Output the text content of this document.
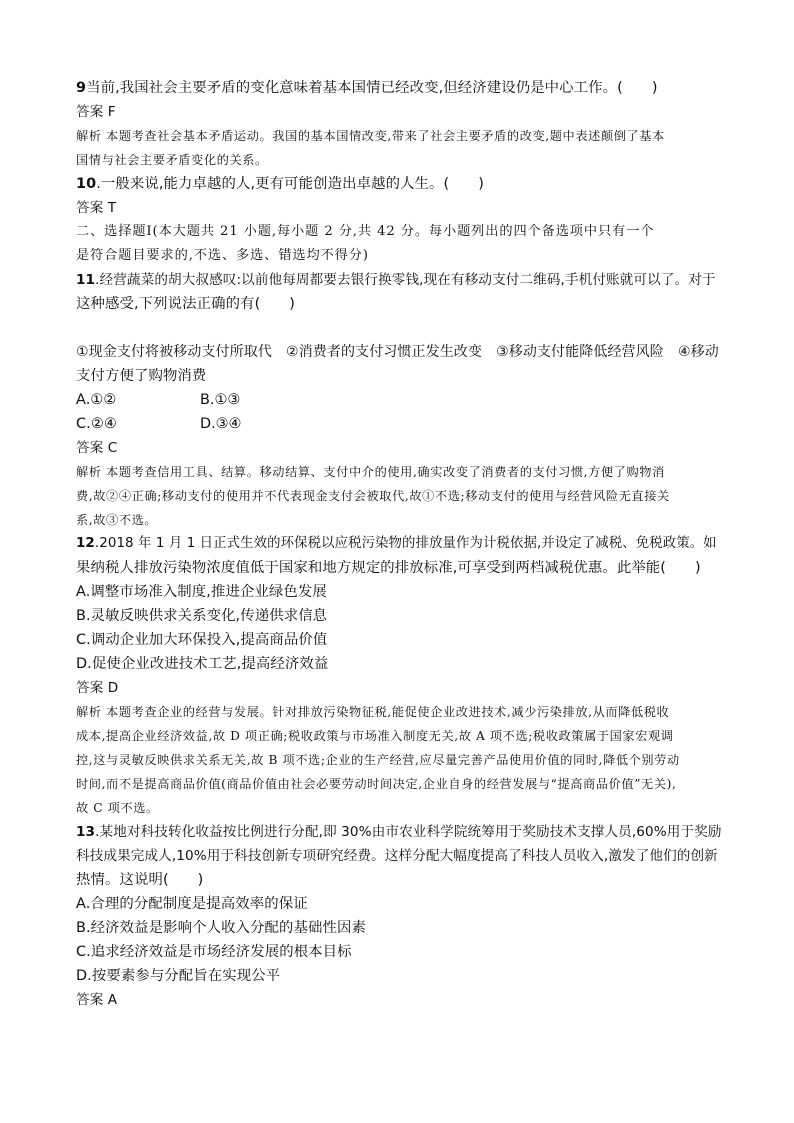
9当前,我国社会主要矛盾的变化意味着基本国情已经改变,但经济建设仍是中心工作。(　　)
答案 F
解析 本题考查社会基本矛盾运动。我国的基本国情改变,带来了社会主要矛盾的改变,题中表述颠倒了基本
国情与社会主要矛盾变化的关系。
10.一般来说,能力卓越的人,更有可能创造出卓越的人生。(　　)
答案 T
二、选择题Ⅰ(本大题共 21 小题,每小题 2 分,共 42 分。每小题列出的四个备选项中只有一个
是符合题目要求的,不选、多选、错选均不得分)
11.经营蔬菜的胡大叔感叹:以前他每周都要去银行换零钱,现在有移动支付二维码,手机付账就可以了。对于
这种感受,下列说法正确的有(　　)
①现金支付将被移动支付所取代　②消费者的支付习惯正发生改变　③移动支付能降低经营风险　④移动
支付方便了购物消费
A.①②	B.①③
C.②④	D.③④
答案 C
解析 本题考查信用工具、结算。移动结算、支付中介的使用,确实改变了消费者的支付习惯,方便了购物消
费,故②④正确;移动支付的使用并不代表现金支付会被取代,故①不选;移动支付的使用与经营风险无直接关
系,故③不选。
12.2018 年 1 月 1 日正式生效的环保税以应税污染物的排放量作为计税依据,并设定了减税、免税政策。如
果纳税人排放污染物浓度值低于国家和地方规定的排放标准,可享受到两档减税优惠。此举能(　　)
A.调整市场准入制度,推进企业绿色发展
B.灵敏反映供求关系变化,传递供求信息
C.调动企业加大环保投入,提高商品价值
D.促使企业改进技术工艺,提高经济效益
答案 D
解析 本题考查企业的经营与发展。针对排放污染物征税,能促使企业改进技术,减少污染排放,从而降低税收
成本,提高企业经济效益,故 D 项正确;税收政策与市场准入制度无关,故 A 项不选;税收政策属于国家宏观调
控,这与灵敏反映供求关系无关,故 B 项不选;企业的生产经营,应尽量完善产品使用价值的同时,降低个别劳动
时间,而不是提高商品价值(商品价值由社会必要劳动时间决定,企业自身的经营发展与“提高商品价值”无关),
故 C 项不选。
13.某地对科技转化收益按比例进行分配,即 30%由市农业科学院统筹用于奖励技术支撑人员,60%用于奖励
科技成果完成人,10%用于科技创新专项研究经费。这样分配大幅度提高了科技人员收入,激发了他们的创新
热情。这说明(　　)
A.合理的分配制度是提高效率的保证
B.经济效益是影响个人收入分配的基础性因素
C.追求经济效益是市场经济发展的根本目标
D.按要素参与分配旨在实现公平
答案 A
